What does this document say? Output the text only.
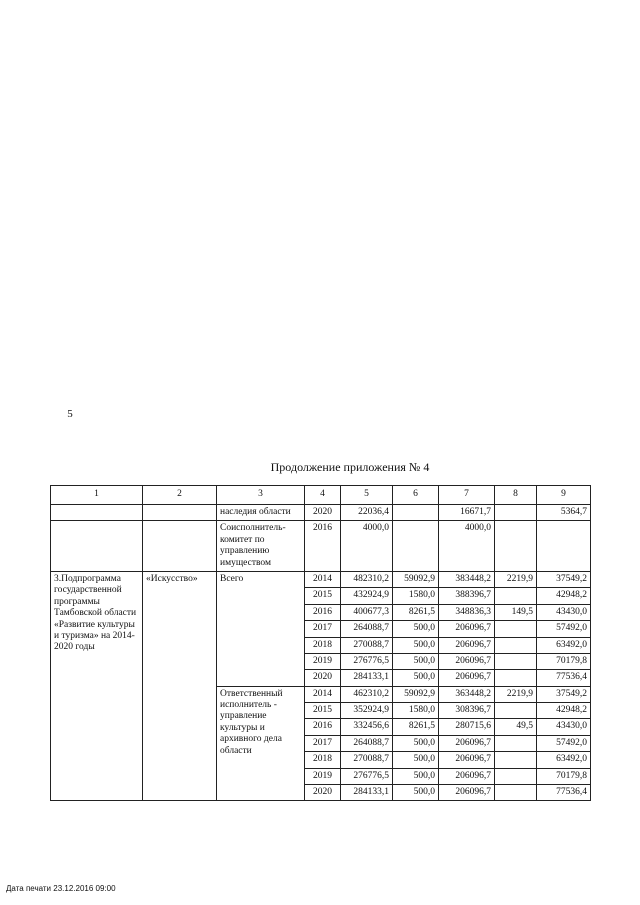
5
Продолжение приложения № 4
1	2	3	4	5	6	7	8	9
		наследия области	2020	22036,4		16671,7		5364,7
		Соисполнитель-комитет по управлению имуществом	2016	4000,0		4000,0		
3.Подпрограмма государственной программы Тамбовской области «Развитие культуры и туризма» на 2014-2020 годы	«Искусство»	Всего	2014	482310,2	59092,9	383448,2	2219,9	37549,2
			2015	432924,9	1580,0	388396,7		42948,2
			2016	400677,3	8261,5	348836,3	149,5	43430,0
			2017	264088,7	500,0	206096,7		57492,0
			2018	270088,7	500,0	206096,7		63492,0
			2019	276776,5	500,0	206096,7		70179,8
			2020	284133,1	500,0	206096,7		77536,4
		Ответственный исполнитель - управление культуры и архивного дела области	2014	462310,2	59092,9	363448,2	2219,9	37549,2
			2015	352924,9	1580,0	308396,7		42948,2
			2016	332456,6	8261,5	280715,6	49,5	43430,0
			2017	264088,7	500,0	206096,7		57492,0
			2018	270088,7	500,0	206096,7		63492,0
			2019	276776,5	500,0	206096,7		70179,8
			2020	284133,1	500,0	206096,7		77536,4
Дата печати 23.12.2016 09:00
